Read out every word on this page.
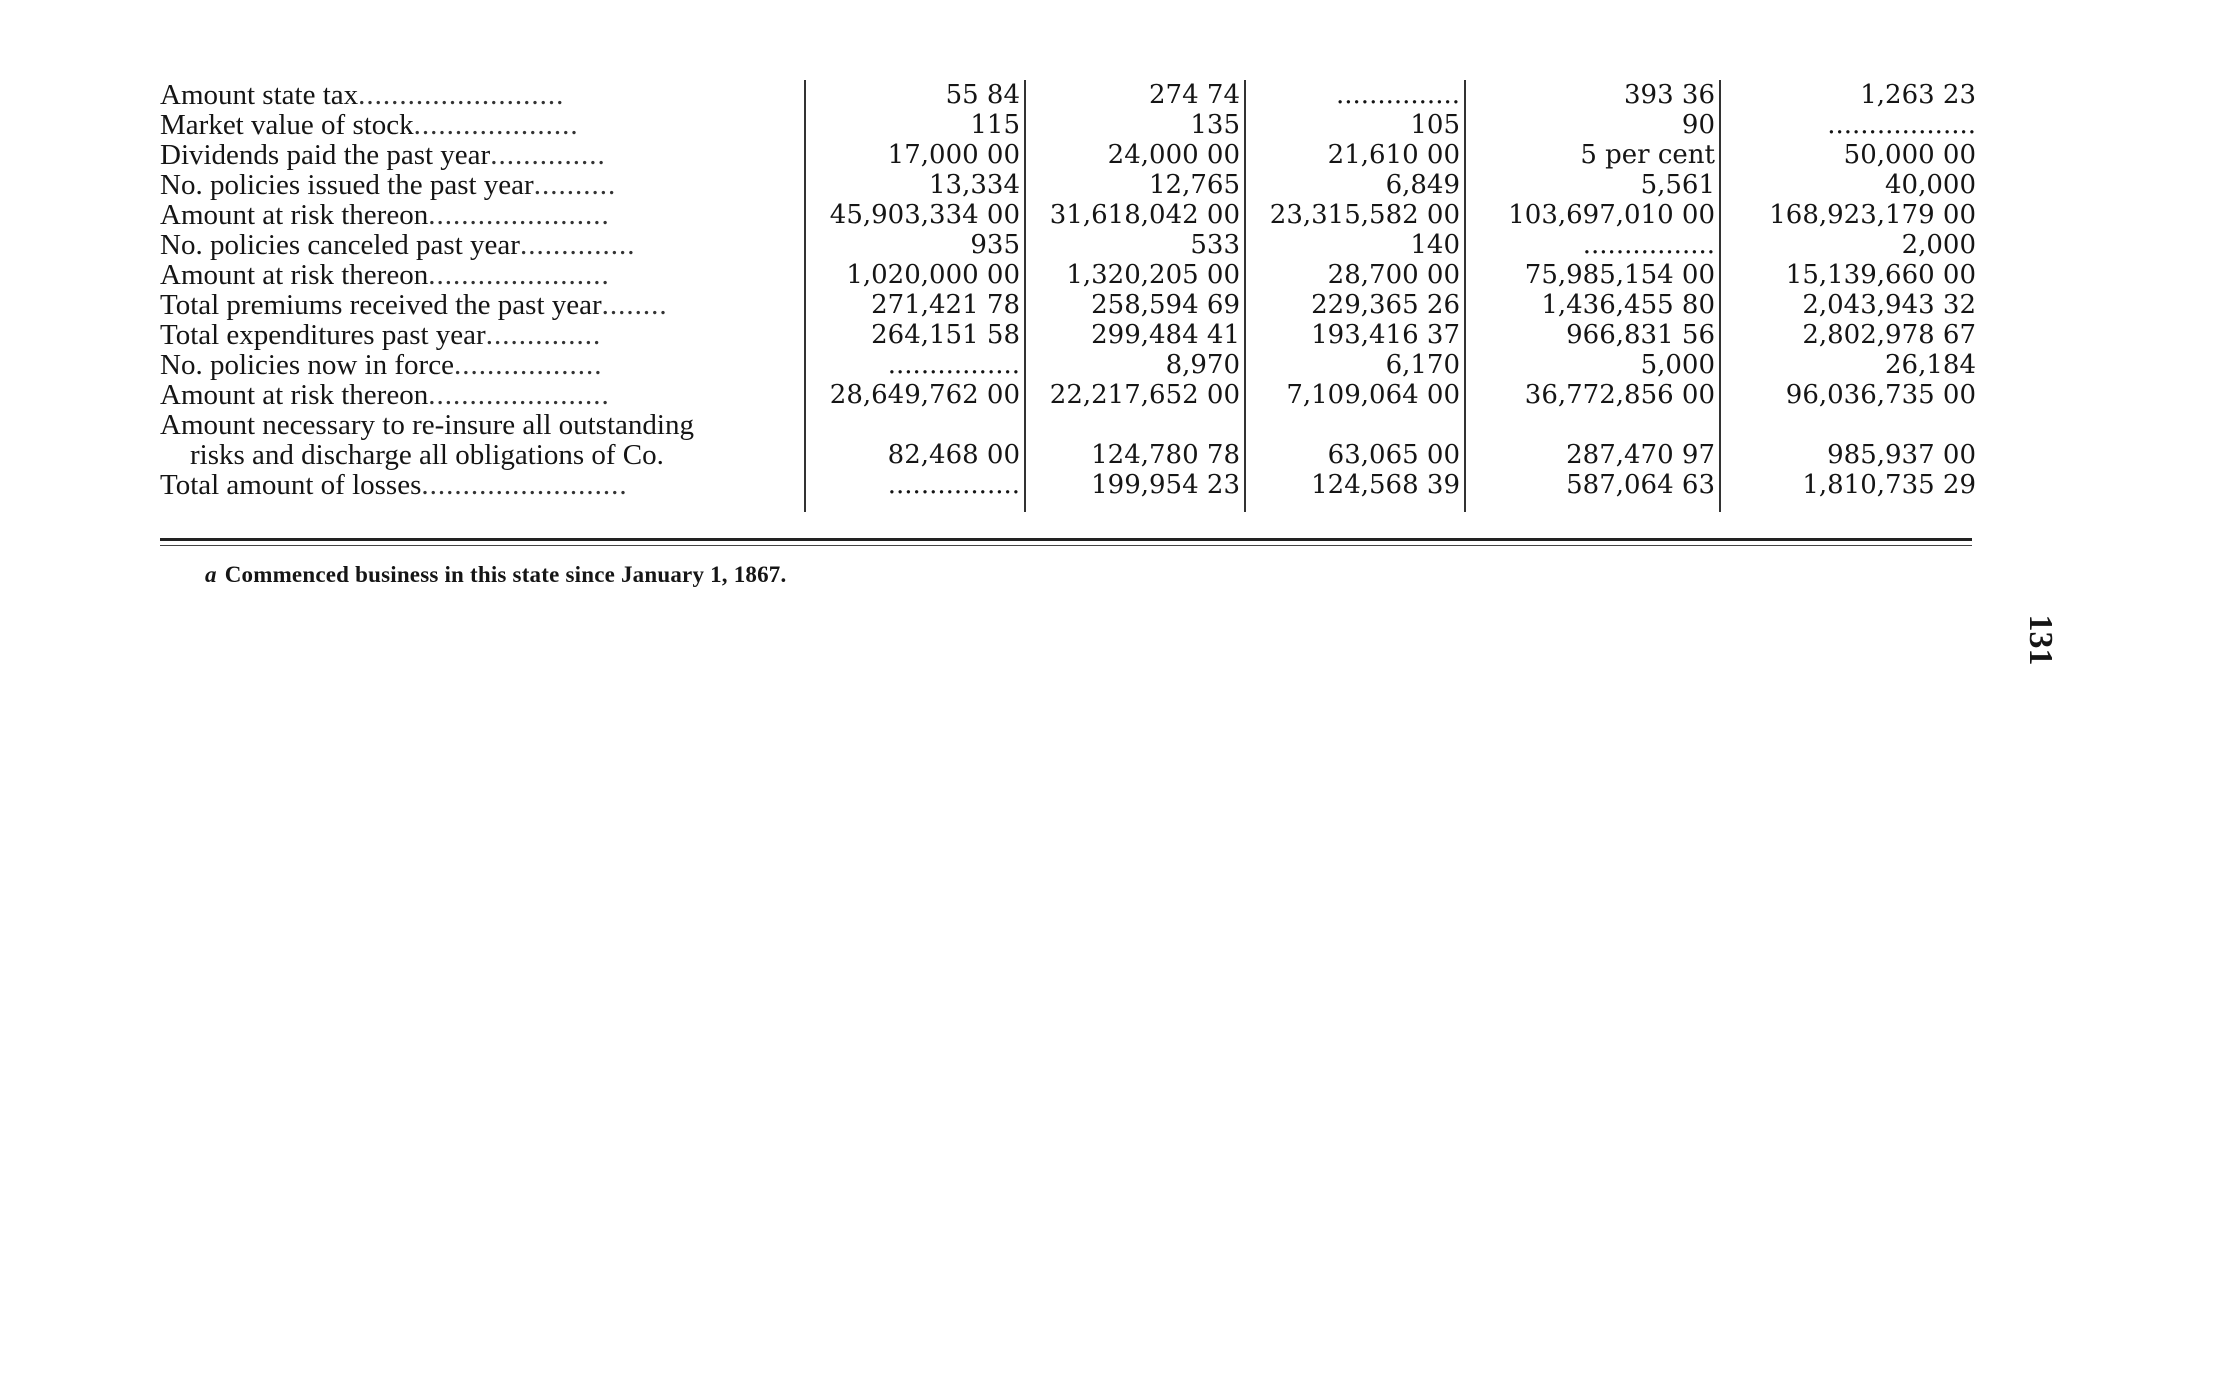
Amount state tax.........................	55 84	274 74	...............	393 36	1,263 23
Market value of stock....................	115	135	105	90	..................
Dividends paid the past year..............	17,000 00	24,000 00	21,610 00	5 per cent	50,000 00
No. policies issued the past year..........	13,334	12,765	6,849	5,561	40,000
Amount at risk thereon......................	45,903,334 00	31,618,042 00	23,315,582 00	103,697,010 00	168,923,179 00
No. policies canceled past year..............	935	533	140	................	2,000
Amount at risk thereon......................	1,020,000 00	1,320,205 00	28,700 00	75,985,154 00	15,139,660 00
Total premiums received the past year........	271,421 78	258,594 69	229,365 26	1,436,455 80	2,043,943 32
Total expenditures past year..............	264,151 58	299,484 41	193,416 37	966,831 56	2,802,978 67
No. policies now in force..................	................	8,970	6,170	5,000	26,184
Amount at risk thereon......................	28,649,762 00	22,217,652 00	7,109,064 00	36,772,856 00	96,036,735 00
Amount necessary to re-insure all outstanding					
risks and discharge all obligations of Co.	82,468 00	124,780 78	63,065 00	287,470 97	985,937 00
Total amount of losses.........................	................	199,954 23	124,568 39	587,064 63	1,810,735 29

a Commenced business in this state since January 1, 1867.
131
